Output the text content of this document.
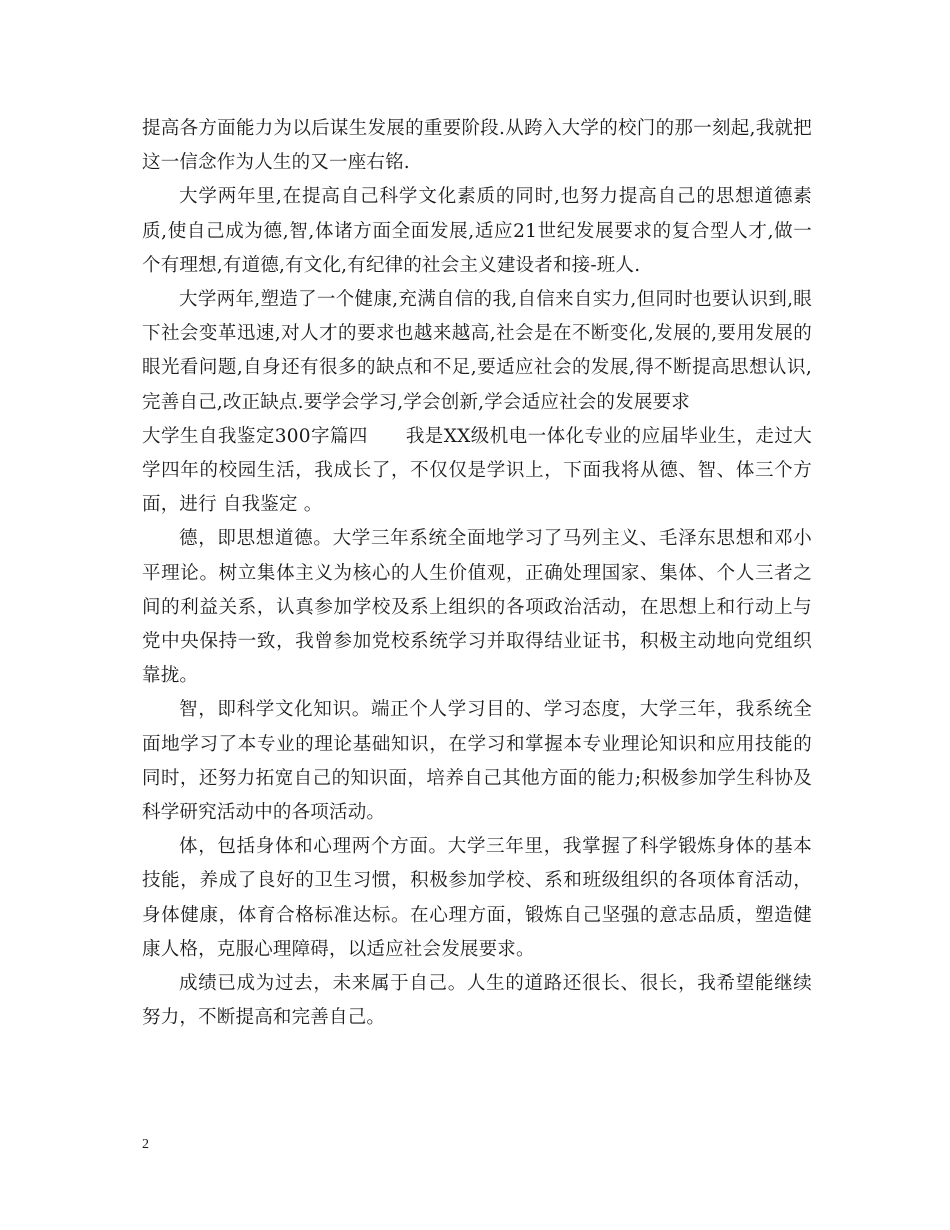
提高各方面能力为以后谋生发展的重要阶段.从跨入大学的校门的那一刻起,我就把这一信念作为人生的又一座右铭.

大学两年里,在提高自己科学文化素质的同时,也努力提高自己的思想道德素质,使自己成为德,智,体诸方面全面发展,适应21世纪发展要求的复合型人才,做一个有理想,有道德,有文化,有纪律的社会主义建设者和接-班人.

大学两年,塑造了一个健康,充满自信的我,自信来自实力,但同时也要认识到,眼下社会变革迅速,对人才的要求也越来越高,社会是在不断变化,发展的,要用发展的眼光看问题,自身还有很多的缺点和不足,要适应社会的发展,得不断提高思想认识,完善自己,改正缺点.要学会学习,学会创新,学会适应社会的发展要求

大学生自我鉴定300字篇四　　我是XX级机电一体化专业的应届毕业生，走过大学四年的校园生活，我成长了，不仅仅是学识上，下面我将从德、智、体三个方面，进行 自我鉴定 。

德，即思想道德。大学三年系统全面地学习了马列主义、毛泽东思想和邓小平理论。树立集体主义为核心的人生价值观，正确处理国家、集体、个人三者之间的利益关系，认真参加学校及系上组织的各项政治活动，在思想上和行动上与党中央保持一致，我曾参加党校系统学习并取得结业证书，积极主动地向党组织靠拢。

智，即科学文化知识。端正个人学习目的、学习态度，大学三年，我系统全面地学习了本专业的理论基础知识，在学习和掌握本专业理论知识和应用技能的同时，还努力拓宽自己的知识面，培养自己其他方面的能力;积极参加学生科协及科学研究活动中的各项活动。

体，包括身体和心理两个方面。大学三年里，我掌握了科学锻炼身体的基本技能，养成了良好的卫生习惯，积极参加学校、系和班级组织的各项体育活动，身体健康，体育合格标准达标。在心理方面，锻炼自己坚强的意志品质，塑造健康人格，克服心理障碍，以适应社会发展要求。

成绩已成为过去，未来属于自己。人生的道路还很长、很长，我希望能继续努力，不断提高和完善自己。

2
